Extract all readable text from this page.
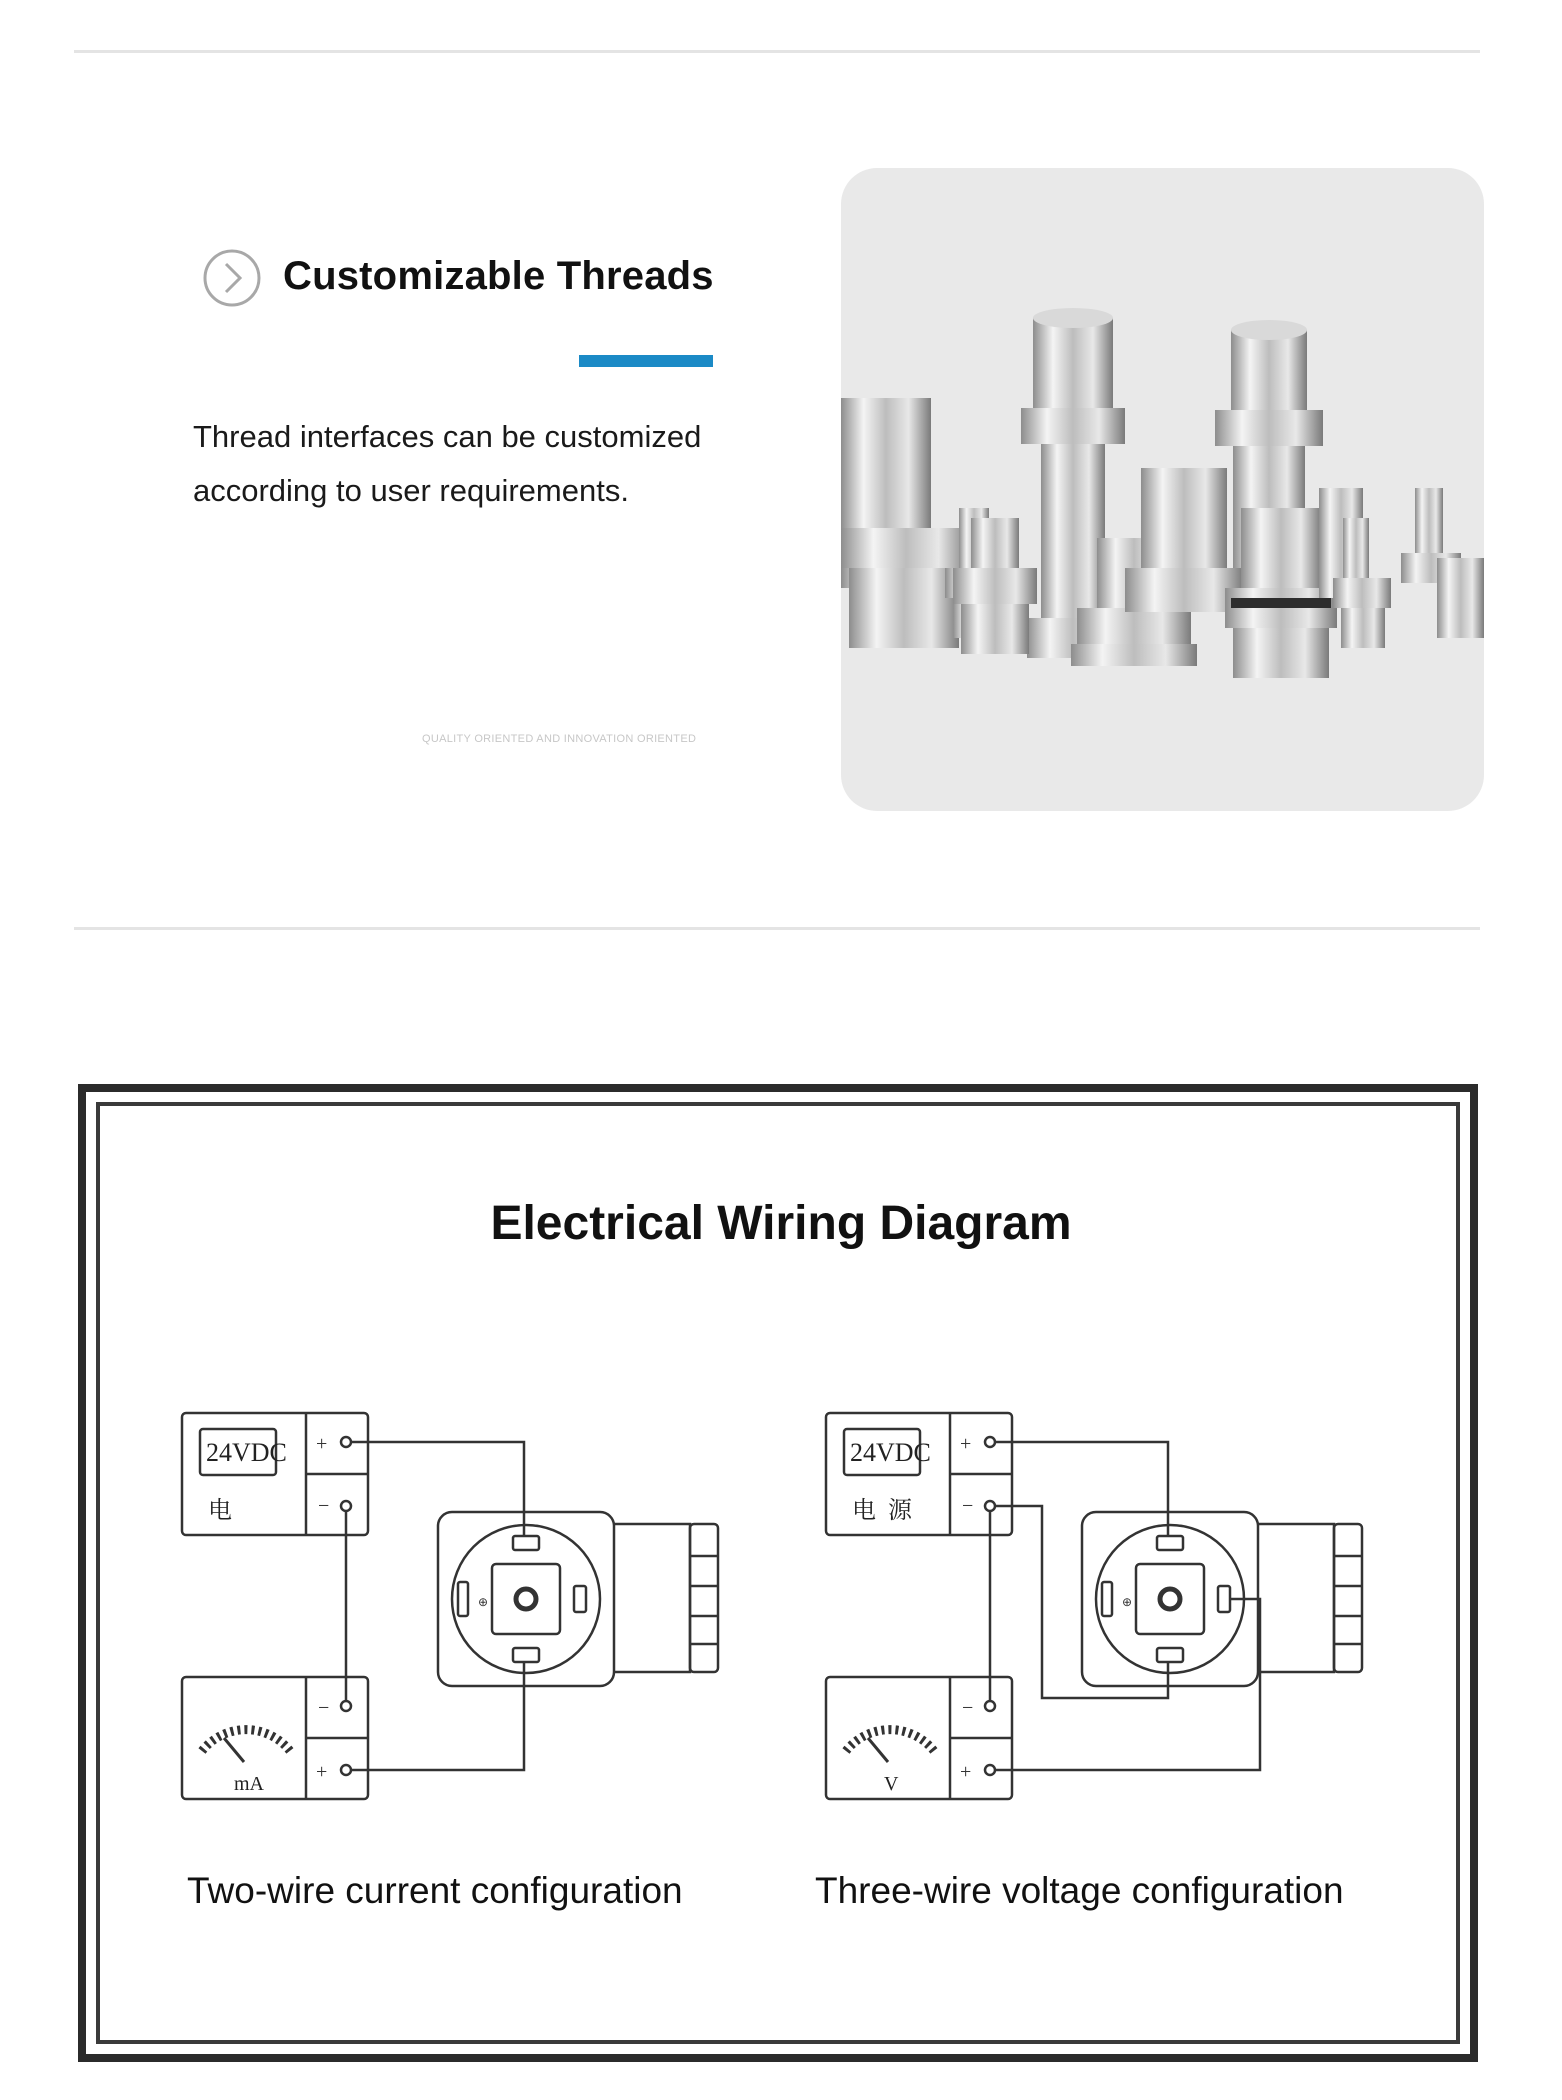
Customizable Threads
Thread interfaces can be customized
according to user requirements.
QUALITY ORIENTED AND INNOVATION ORIENTED
Electrical Wiring Diagram
+
−
−
+
⊕
24VDC
电
mA
+
−
−
+
⊕
24VDC
电  源
V
Two-wire current configuration	Three-wire voltage configuration
